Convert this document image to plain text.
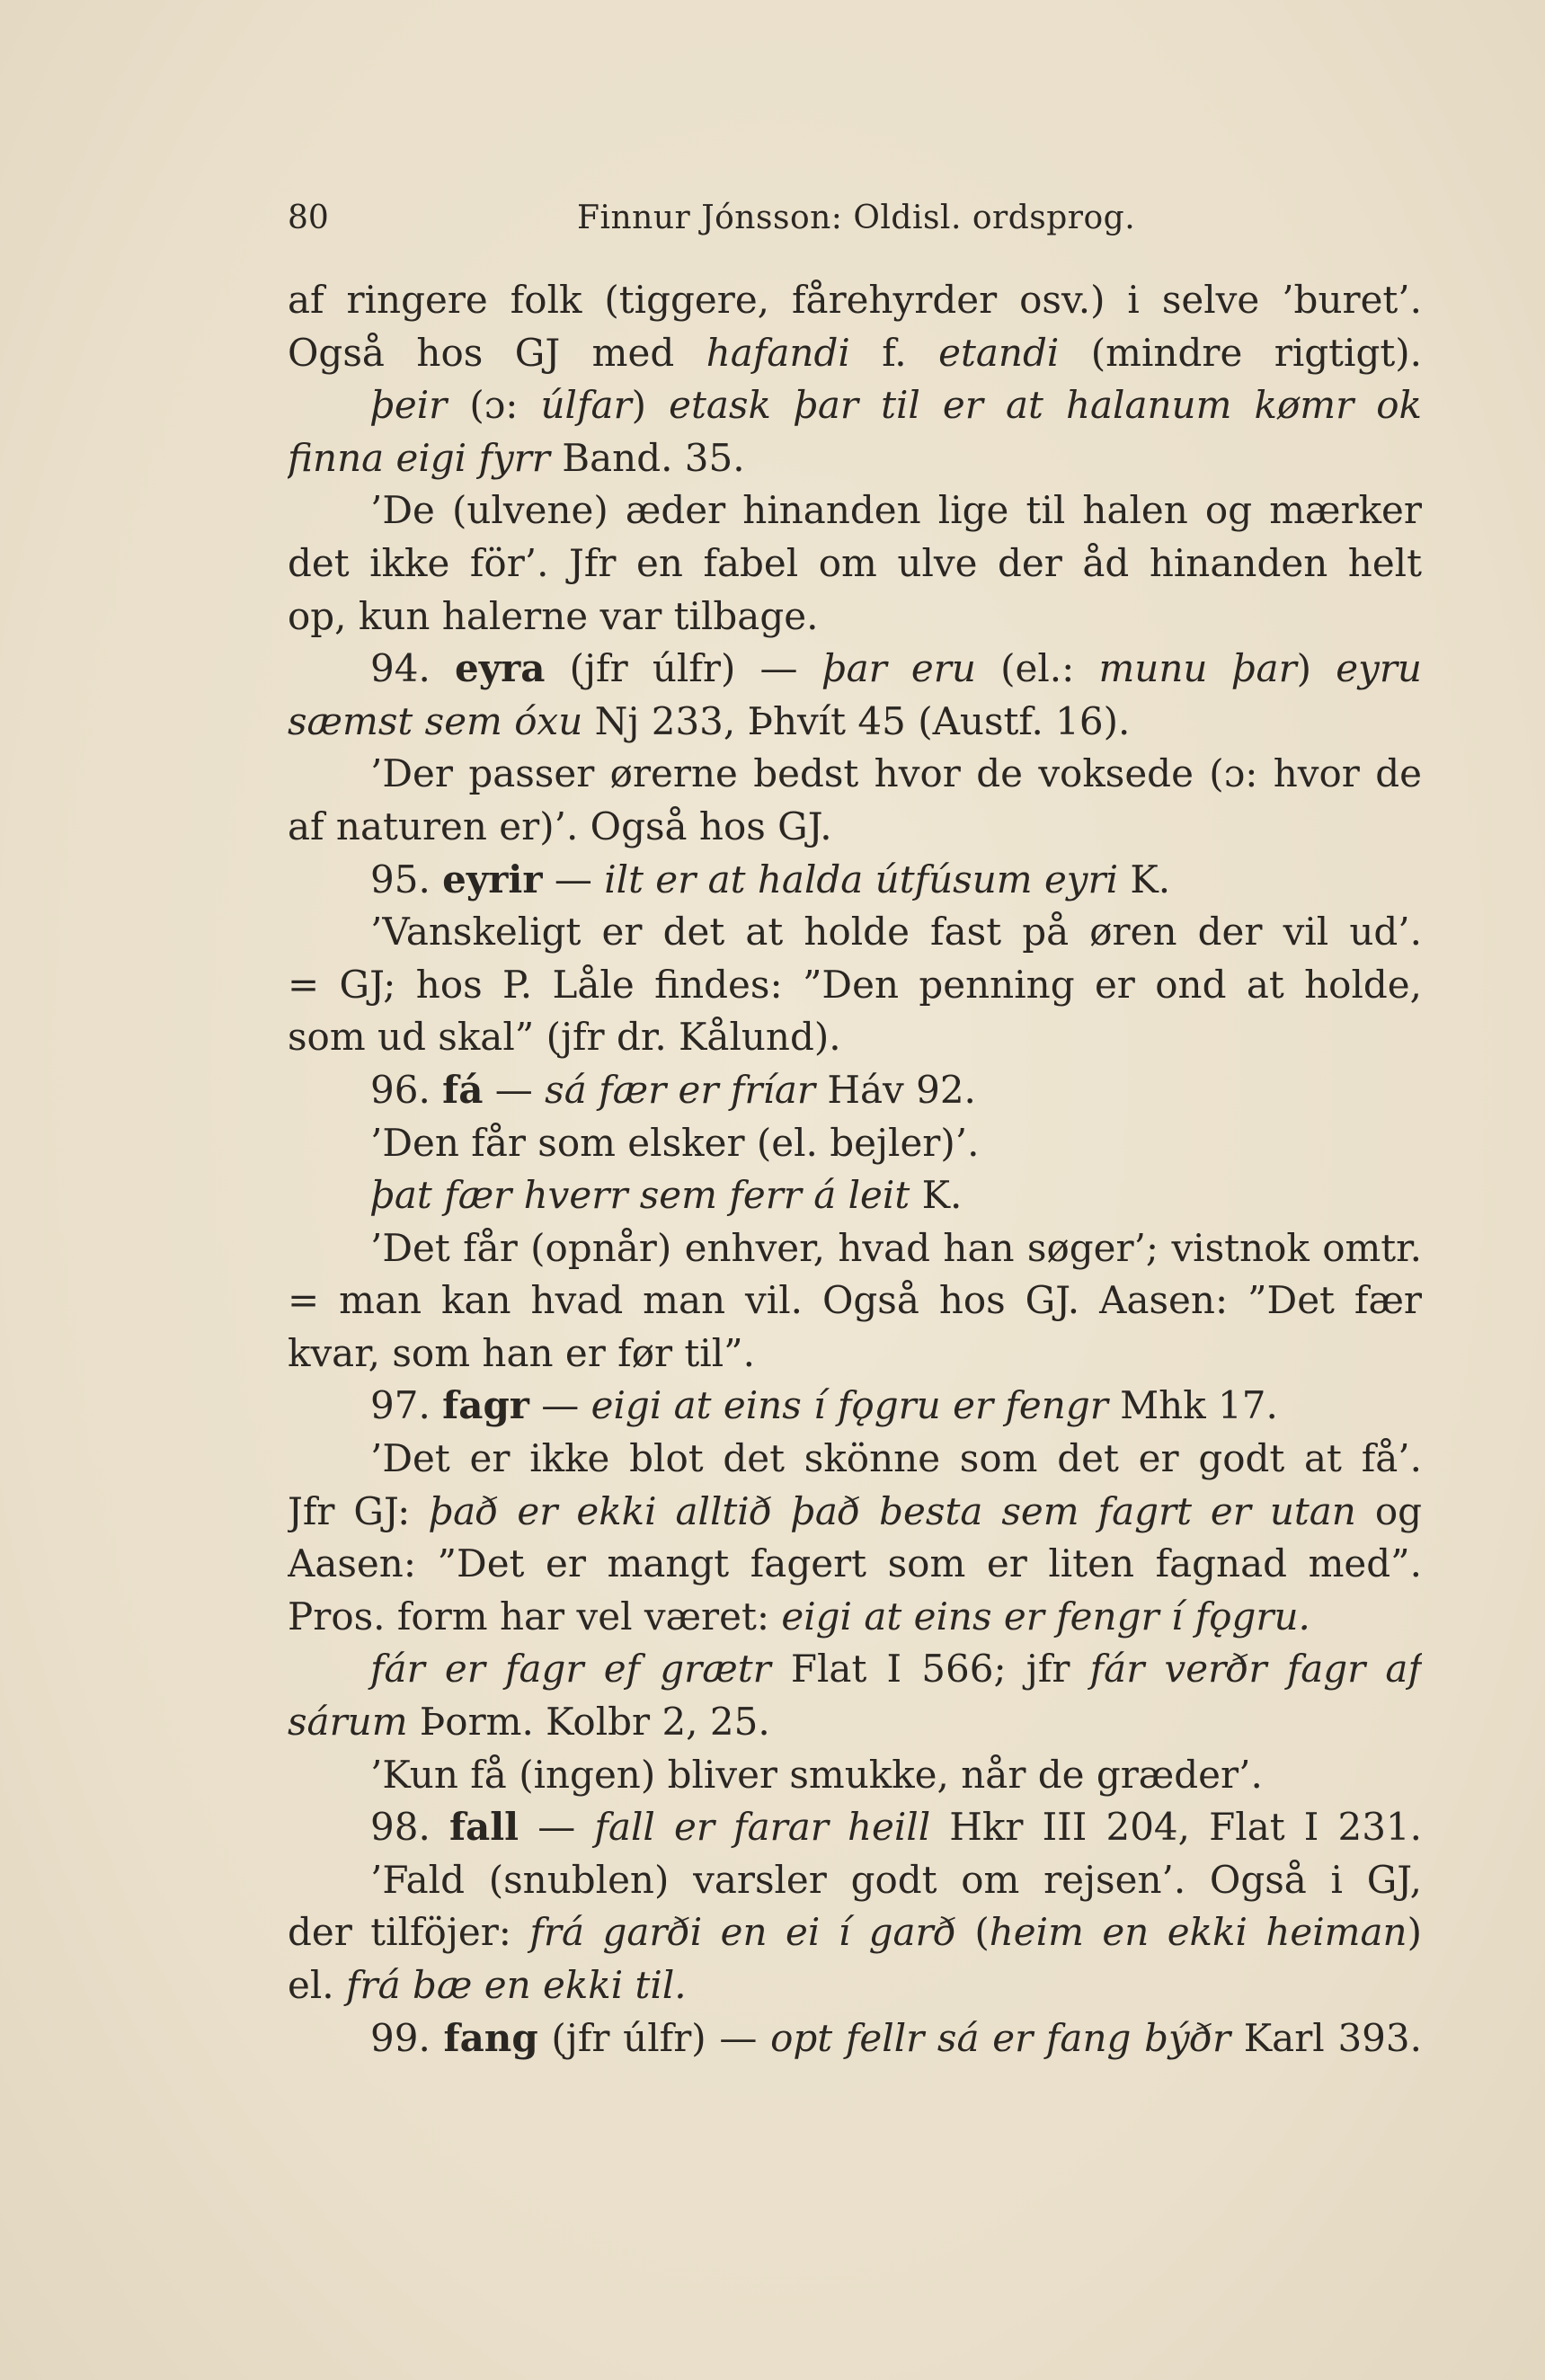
80	Finnur Jónsson: Oldisl. ordsprog.
af ringere folk (tiggere, fårehyrder osv.) i selve ’buret’.
Også hos GJ med hafandi f. etandi (mindre rigtigt).
þeir (ɔ: úlfar) etask þar til er at halanum kømr ok
finna eigi fyrr Band. 35.
’De (ulvene) æder hinanden lige til halen og mærker
det ikke för’. Jfr en fabel om ulve der åd hinanden helt
op, kun halerne var tilbage.
94. eyra (jfr úlfr) — þar eru (el.: munu þar) eyru
sæmst sem óxu Nj 233, Þhvít 45 (Austf. 16).
’Der passer ørerne bedst hvor de voksede (ɔ: hvor de
af naturen er)’. Også hos GJ.
95. eyrir — ilt er at halda útfúsum eyri K.
’Vanskeligt er det at holde fast på øren der vil ud’.
= GJ; hos P. Låle findes: ”Den penning er ond at holde,
som ud skal” (jfr dr. Kålund).
96. fá — sá fær er fríar Háv 92.
’Den får som elsker (el. bejler)’.
þat fær hverr sem ferr á leit K.
’Det får (opnår) enhver, hvad han søger’; vistnok omtr.
= man kan hvad man vil. Også hos GJ. Aasen: ”Det fær
kvar, som han er før til”.
97. fagr — eigi at eins í fǫgru er fengr Mhk 17.
’Det er ikke blot det skönne som det er godt at få’.
Jfr GJ: það er ekki alltið það besta sem fagrt er utan og
Aasen: ”Det er mangt fagert som er liten fagnad med”.
Pros. form har vel været: eigi at eins er fengr í fǫgru.
fár er fagr ef grætr Flat I 566; jfr fár verðr fagr af
sárum Þorm. Kolbr 2, 25.
’Kun få (ingen) bliver smukke, når de græder’.
98. fall — fall er farar heill Hkr III 204, Flat I 231.
’Fald (snublen) varsler godt om rejsen’. Også i GJ,
der tilföjer: frá garði en ei í garð (heim en ekki heiman)
el. frá bæ en ekki til.
99. fang (jfr úlfr) — opt fellr sá er fang býðr Karl 393.
